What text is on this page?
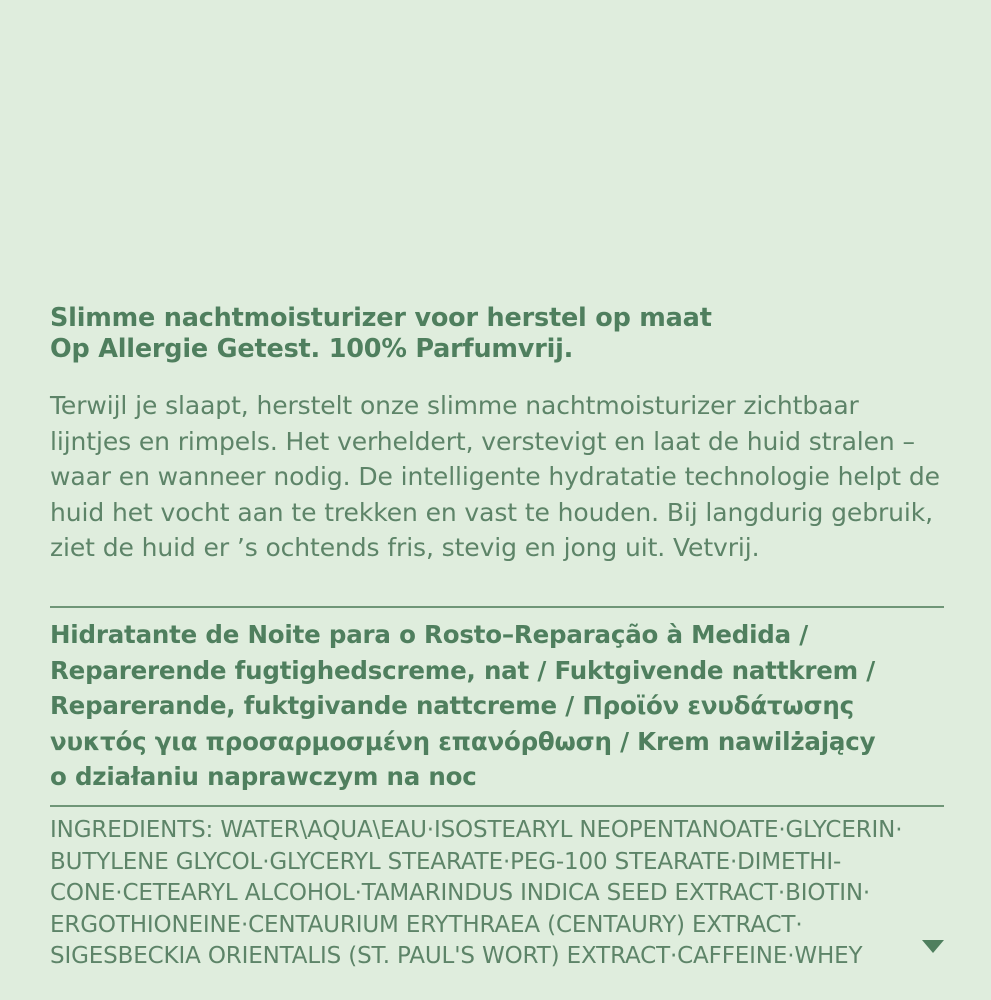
Slimme nachtmoisturizer voor herstel op maat
Op Allergie Getest. 100% Parfumvrij.

Terwijl je slaapt, herstelt onze slimme nachtmoisturizer zichtbaar lijntjes en rimpels. Het verheldert, verstevigt en laat de huid stralen – waar en wanneer nodig. De intelligente hydratatie technologie helpt de huid het vocht aan te trekken en vast te houden. Bij langdurig gebruik, ziet de huid er ’s ochtends fris, stevig en jong uit. Vetvrij.

Hidratante de Noite para o Rosto–Reparação à Medida /

Reparerende fugtighedscreme, nat / Fuktgivende nattkrem /

Reparerande, fuktgivande nattcreme / Προϊόν ενυδάτωσης

νυκτός για προσαρμοσμένη επανόρθωση / Krem nawilżający

o działaniu naprawczym na noc

INGREDIENTS: WATER\AQUA\EAU·ISOSTEARYL NEOPENTANOATE·GLYCERIN·

BUTYLENE GLYCOL·GLYCERYL STEARATE·PEG-100 STEARATE·DIMETHI-

CONE·CETEARYL ALCOHOL·TAMARINDUS INDICA SEED EXTRACT·BIOTIN·

ERGOTHIONEINE·CENTAURIUM ERYTHRAEA (CENTAURY) EXTRACT·

SIGESBECKIA ORIENTALIS (ST. PAUL'S WORT) EXTRACT·CAFFEINE·WHEY
